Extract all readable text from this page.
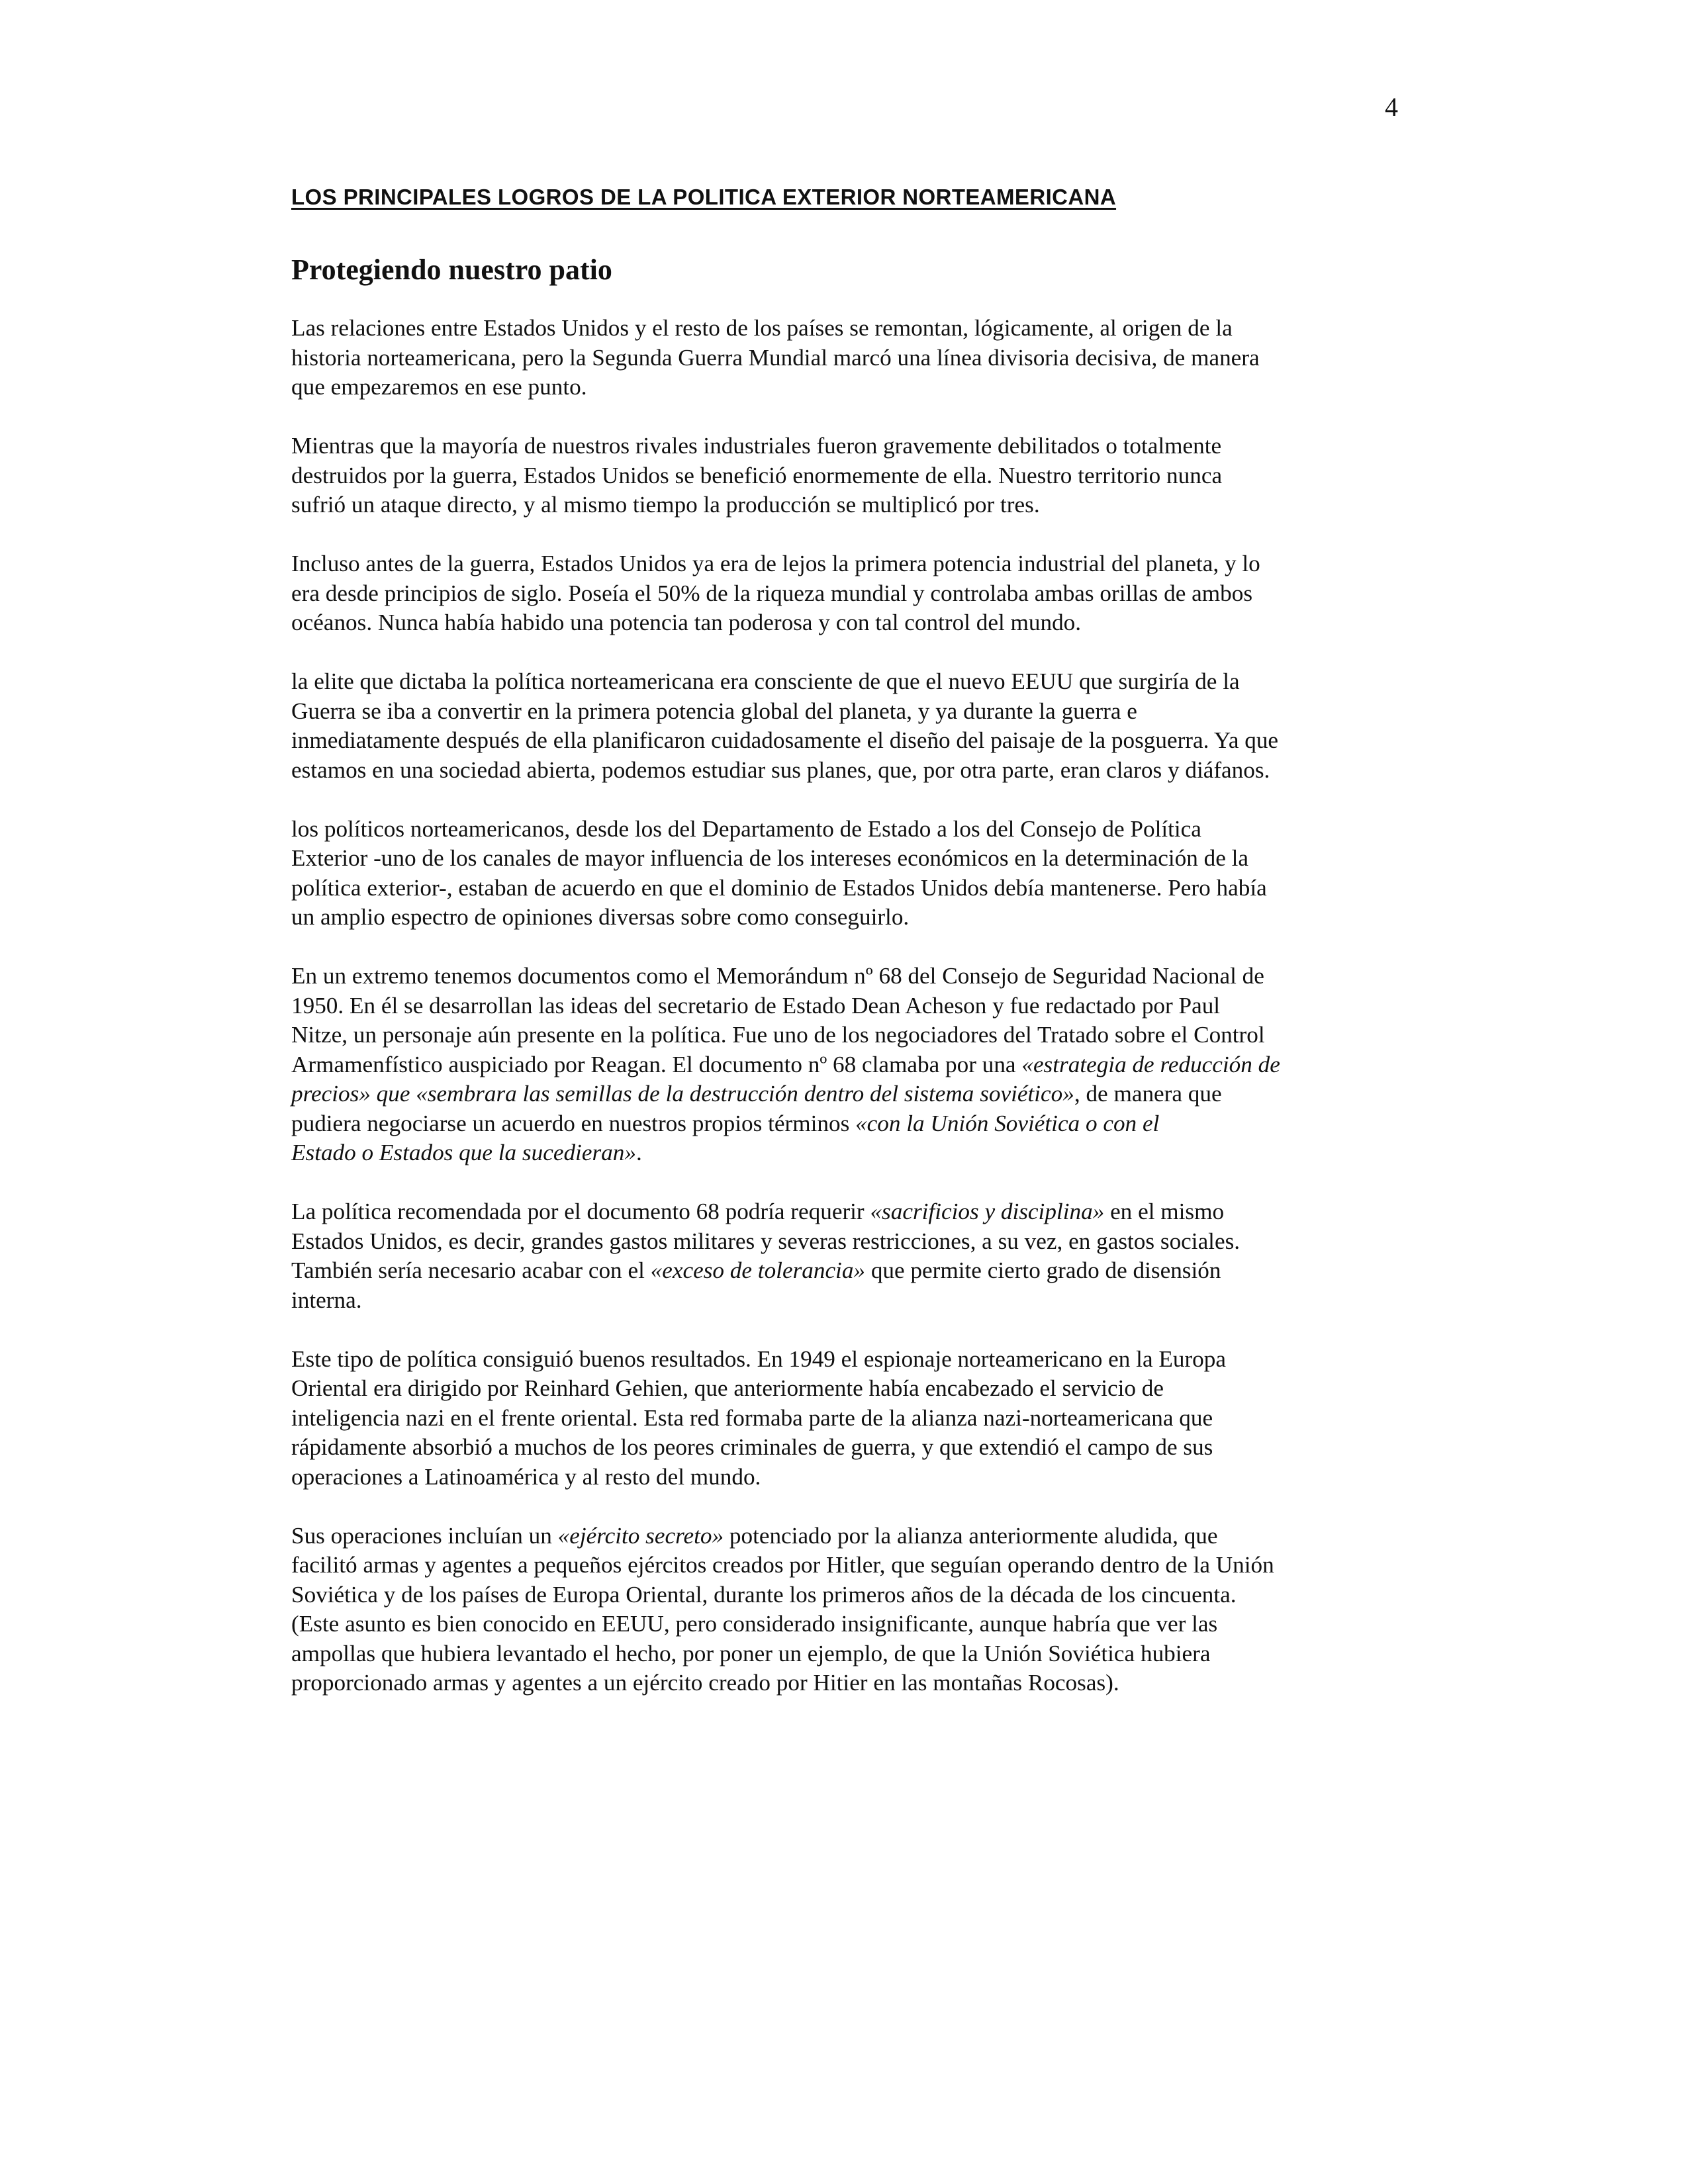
4
LOS PRINCIPALES LOGROS DE LA POLITICA EXTERIOR NORTEAMERICANA
Protegiendo nuestro patio

Las relaciones entre Estados Unidos y el resto de los países se remontan, lógicamente, al origen de la
historia norteamericana, pero la Segunda Guerra Mundial marcó una línea divisoria decisiva, de manera
que empezaremos en ese punto.

Mientras que la mayoría de nuestros rivales industriales fueron gravemente debilitados o totalmente
destruidos por la guerra, Estados Unidos se benefició enormemente de ella. Nuestro territorio nunca
sufrió un ataque directo, y al mismo tiempo la producción se multiplicó por tres.

Incluso antes de la guerra, Estados Unidos ya era de lejos la primera potencia industrial del planeta, y lo
era desde principios de siglo. Poseía el 50% de la riqueza mundial y controlaba ambas orillas de ambos
océanos. Nunca había habido una potencia tan poderosa y con tal control del mundo.

la elite que dictaba la política norteamericana era consciente de que el nuevo EEUU que surgiría de la
Guerra se iba a convertir en la primera potencia global del planeta, y ya durante la guerra e
inmediatamente después de ella planificaron cuidadosamente el diseño del paisaje de la posguerra. Ya que
estamos en una sociedad abierta, podemos estudiar sus planes, que, por otra parte, eran claros y diáfanos.

los políticos norteamericanos, desde los del Departamento de Estado a los del Consejo de Política
Exterior -uno de los canales de mayor influencia de los intereses económicos en la determinación de la
política exterior-, estaban de acuerdo en que el dominio de Estados Unidos debía mantenerse. Pero había
un amplio espectro de opiniones diversas sobre como conseguirlo.

En un extremo tenemos documentos como el Memorándum nº 68 del Consejo de Seguridad Nacional de
1950. En él se desarrollan las ideas del secretario de Estado Dean Acheson y fue redactado por Paul
Nitze, un personaje aún presente en la política. Fue uno de los negociadores del Tratado sobre el Control
Armamenfístico auspiciado por Reagan. El documento nº 68 clamaba por una «estrategia de reducción de
precios» que «sembrara las semillas de la destrucción dentro del sistema soviético», de manera que
pudiera negociarse un acuerdo en nuestros propios términos «con la Unión Soviética o con el
Estado o Estados que la sucedieran».

La política recomendada por el documento 68 podría requerir «sacrificios y disciplina» en el mismo
Estados Unidos, es decir, grandes gastos militares y severas restricciones, a su vez, en gastos sociales.
También sería necesario acabar con el «exceso de tolerancia» que permite cierto grado de disensión
interna.

Este tipo de política consiguió buenos resultados. En 1949 el espionaje norteamericano en la Europa
Oriental era dirigido por Reinhard Gehien, que anteriormente había encabezado el servicio de
inteligencia nazi en el frente oriental. Esta red formaba parte de la alianza nazi-norteamericana que
rápidamente absorbió a muchos de los peores criminales de guerra, y que extendió el campo de sus
operaciones a Latinoamérica y al resto del mundo.

Sus operaciones incluían un «ejército secreto» potenciado por la alianza anteriormente aludida, que
facilitó armas y agentes a pequeños ejércitos creados por Hitler, que seguían operando dentro de la Unión
Soviética y de los países de Europa Oriental, durante los primeros años de la década de los cincuenta.
(Este asunto es bien conocido en EEUU, pero considerado insignificante, aunque habría que ver las
ampollas que hubiera levantado el hecho, por poner un ejemplo, de que la Unión Soviética hubiera
proporcionado armas y agentes a un ejército creado por Hitier en las montañas Rocosas).
